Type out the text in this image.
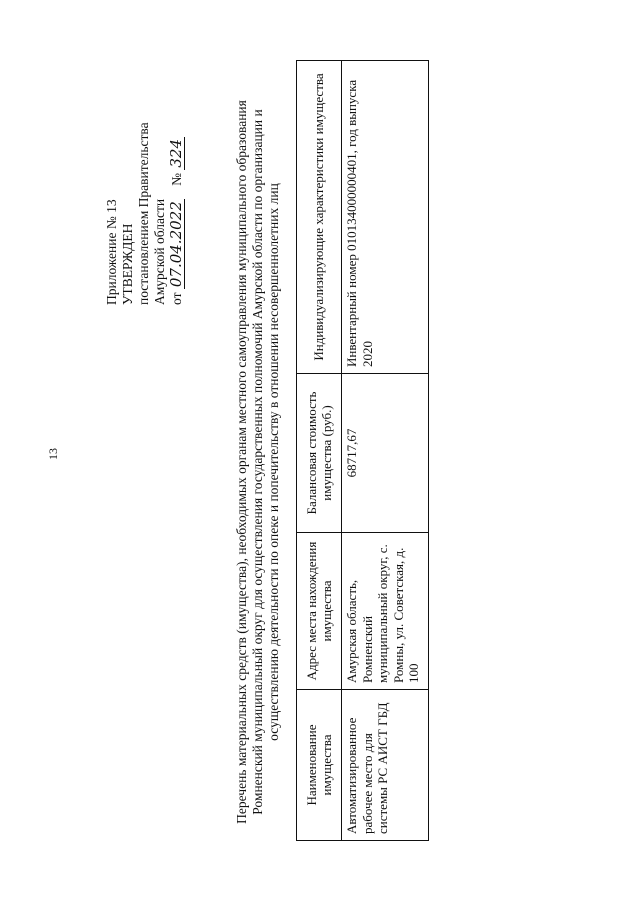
13
Приложение № 13 УТВЕРЖДЕН постановлением Правительства Амурской области от 07.04.2022 № 324	Перечень материальных средств (имущества), необходимых органам местного самоуправления муниципального образования Ромненский муниципальный округ для осуществления государственных полномочий Амурской области по организации и осуществлению деятельности по опеке и попечительству в отношении несовершеннолетних лиц
Наименование имущества	Адрес места нахождения имущества	Балансовая стоимость имущества (руб.)	Индивидуализирующие характеристики имущества
Автоматизированное рабочее место для системы РС АИСТ ГБД	Амурская область, Ромненский муниципальный округ, с. Ромны, ул. Советская, д. 100	68717,67	Инвентарный номер 010134000000401, год выпуска 2020
